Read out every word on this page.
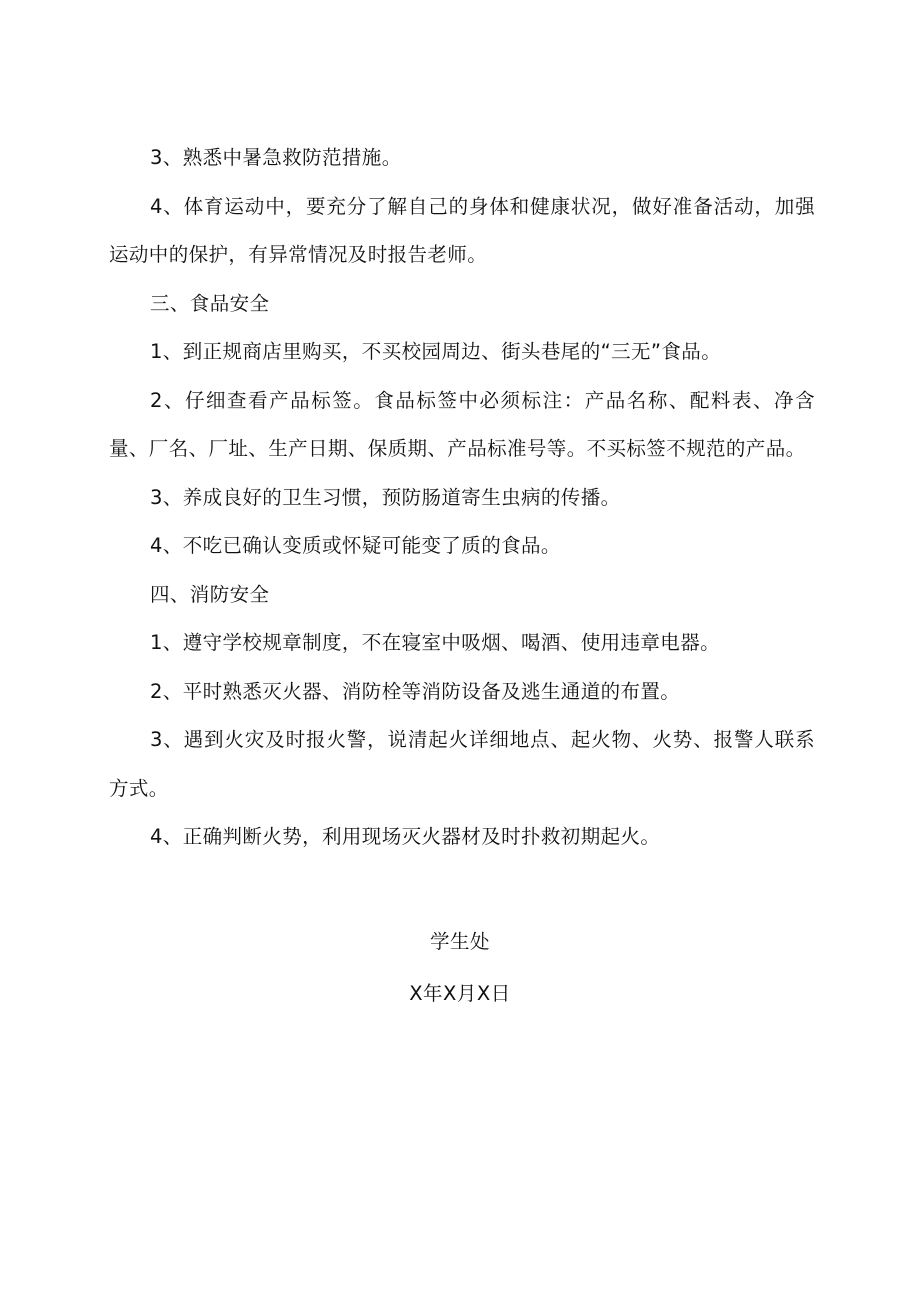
3、熟悉中暑急救防范措施。

4、体育运动中，要充分了解自己的身体和健康状况，做好准备活动，加强运动中的保护，有异常情况及时报告老师。

三、食品安全

1、到正规商店里购买，不买校园周边、街头巷尾的“三无”食品。

2、仔细查看产品标签。食品标签中必须标注：产品名称、配料表、净含量、厂名、厂址、生产日期、保质期、产品标准号等。不买标签不规范的产品。

3、养成良好的卫生习惯，预防肠道寄生虫病的传播。

4、不吃已确认变质或怀疑可能变了质的食品。

四、消防安全

1、遵守学校规章制度，不在寝室中吸烟、喝酒、使用违章电器。

2、平时熟悉灭火器、消防栓等消防设备及逃生通道的布置。

3、遇到火灾及时报火警，说清起火详细地点、起火物、火势、报警人联系方式。

4、正确判断火势，利用现场灭火器材及时扑救初期起火。

学生处
X年X月X日
